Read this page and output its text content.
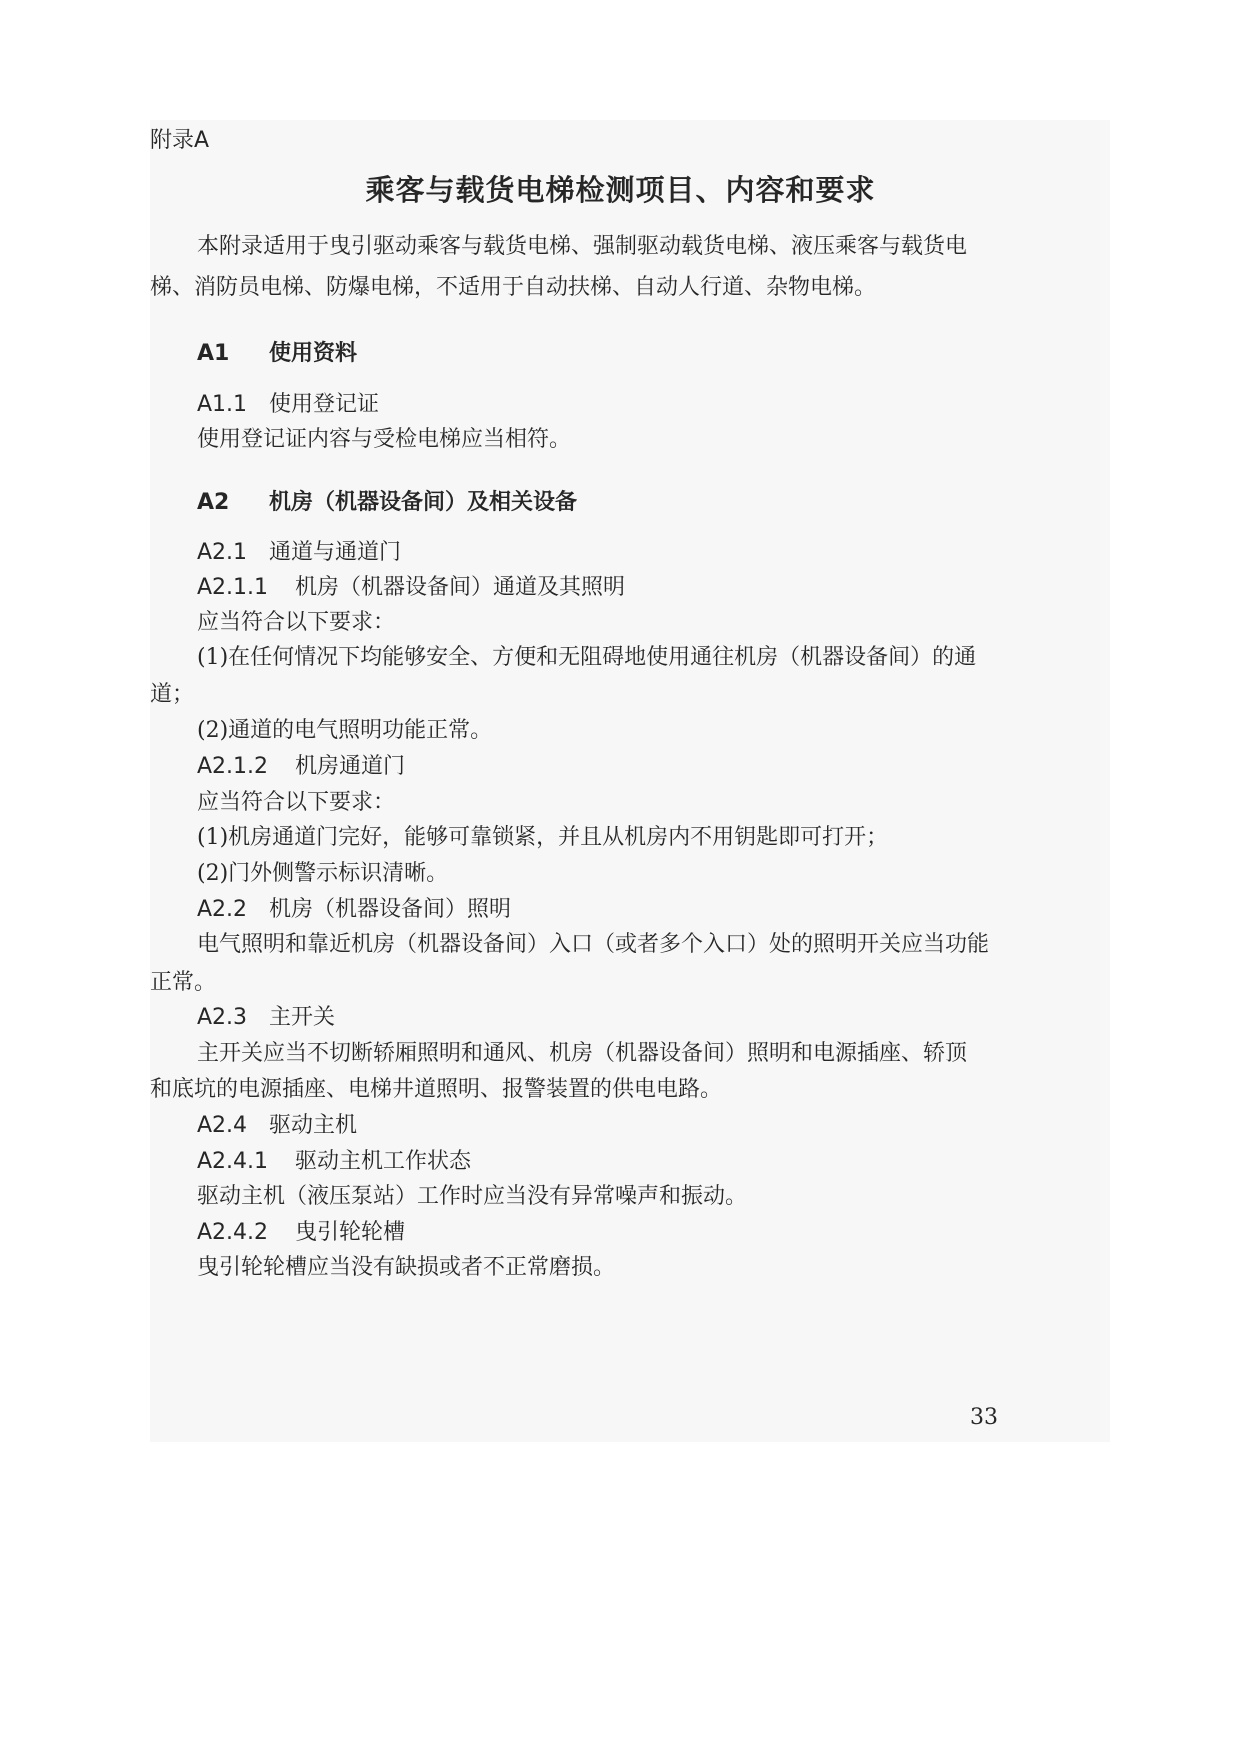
附录A

乘客与载货电梯检测项目、内容和要求

本附录适用于曳引驱动乘客与载货电梯、强制驱动载货电梯、液压乘客与载货电

梯、消防员电梯、防爆电梯，不适用于自动扶梯、自动人行道、杂物电梯。

A1 使用资料

A1.1 使用登记证

使用登记证内容与受检电梯应当相符。

A2 机房（机器设备间）及相关设备

A2.1 通道与通道门

A2.1.1 机房（机器设备间）通道及其照明

应当符合以下要求：

(1)在任何情况下均能够安全、方便和无阻碍地使用通往机房（机器设备间）的通

道；

(2)通道的电气照明功能正常。

A2.1.2 机房通道门

应当符合以下要求：

(1)机房通道门完好，能够可靠锁紧，并且从机房内不用钥匙即可打开；

(2)门外侧警示标识清晰。

A2.2 机房（机器设备间）照明

电气照明和靠近机房（机器设备间）入口（或者多个入口）处的照明开关应当功能

正常。

A2.3 主开关

主开关应当不切断轿厢照明和通风、机房（机器设备间）照明和电源插座、轿顶

和底坑的电源插座、电梯井道照明、报警装置的供电电路。

A2.4 驱动主机

A2.4.1 驱动主机工作状态

驱动主机（液压泵站）工作时应当没有异常噪声和振动。

A2.4.2 曳引轮轮槽

曳引轮轮槽应当没有缺损或者不正常磨损。

33
